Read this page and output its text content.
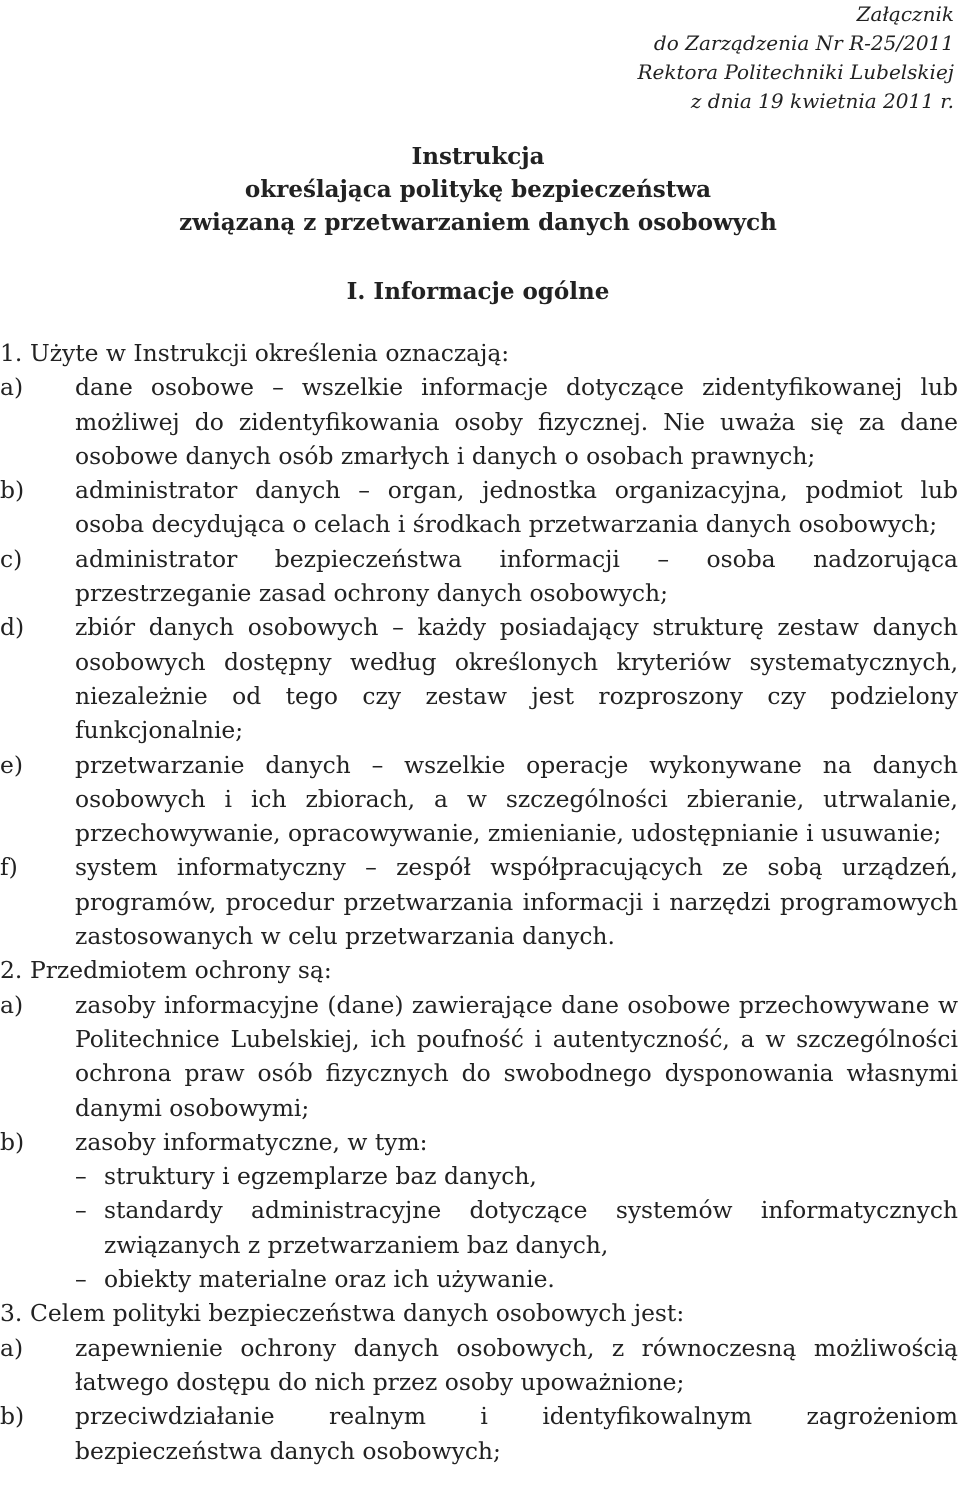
Załącznik
do Zarządzenia Nr R-25/2011
Rektora Politechniki Lubelskiej
z dnia 19 kwietnia 2011 r.
Instrukcja
określająca politykę bezpieczeństwa
związaną z przetwarzaniem danych osobowych
I. Informacje ogólne
1. Użyte w Instrukcji określenia oznaczają:
a) dane osobowe – wszelkie informacje dotyczące zidentyfikowanej lub możliwej do zidentyfikowania osoby fizycznej. Nie uważa się za dane osobowe danych osób zmarłych i danych o osobach prawnych;
b) administrator danych – organ, jednostka organizacyjna, podmiot lub osoba decydująca o celach i środkach przetwarzania danych osobowych;
c) administrator bezpieczeństwa informacji – osoba nadzorująca przestrzeganie zasad ochrony danych osobowych;
d) zbiór danych osobowych – każdy posiadający strukturę zestaw danych osobowych dostępny według określonych kryteriów systematycznych, niezależnie od tego czy zestaw jest rozproszony czy podzielony funkcjonalnie;
e) przetwarzanie danych – wszelkie operacje wykonywane na danych osobowych i ich zbiorach, a w szczególności zbieranie, utrwalanie, przechowywanie, opracowywanie, zmienianie, udostępnianie i usuwanie;
f) system informatyczny – zespół współpracujących ze sobą urządzeń, programów, procedur przetwarzania informacji i narzędzi programowych zastosowanych w celu przetwarzania danych.
2. Przedmiotem ochrony są:
a) zasoby informacyjne (dane) zawierające dane osobowe przechowywane w Politechnice Lubelskiej, ich poufność i autentyczność, a w szczególności ochrona praw osób fizycznych do swobodnego dysponowania własnymi danymi osobowymi;
b) zasoby informatyczne, w tym:
– struktury i egzemplarze baz danych,
– standardy administracyjne dotyczące systemów informatycznych związanych z przetwarzaniem baz danych,
– obiekty materialne oraz ich używanie.
3. Celem polityki bezpieczeństwa danych osobowych jest:
a) zapewnienie ochrony danych osobowych, z równoczesną możliwością łatwego dostępu do nich przez osoby upoważnione;
b) przeciwdziałanie realnym i identyfikowalnym zagrożeniom bezpieczeństwa danych osobowych;
